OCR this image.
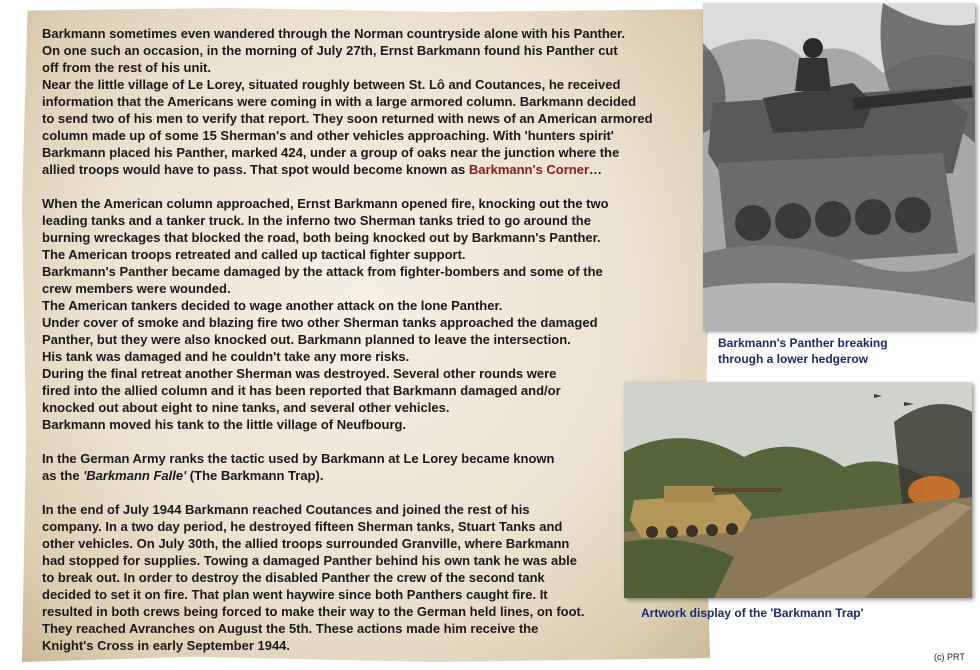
Barkmann sometimes even wandered through the Norman countryside alone with his Panther.

On one such an occasion, in the morning of July 27th, Ernst Barkmann found his Panther cut

off from the rest of his unit.

Near the little village of Le Lorey, situated roughly between St. Lô and Coutances, he received

information that the Americans were coming in with a large armored column. Barkmann decided

to send two of his men to verify that report. They soon returned with news of an American armored

column made up of some 15 Sherman's and other vehicles approaching. With 'hunters spirit'

Barkmann placed his Panther, marked 424, under a group of oaks near the junction where the

allied troops would have to pass. That spot would become known as Barkmann's Corner…

When the American column approached, Ernst Barkmann opened fire, knocking out the two

leading tanks and a tanker truck. In the inferno two Sherman tanks tried to go around the

burning wreckages that blocked the road, both being knocked out by Barkmann's Panther.

The American troops retreated and called up tactical fighter support.

Barkmann's Panther became damaged by the attack from fighter-bombers and some of the

crew members were wounded.

The American tankers decided to wage another attack on the lone Panther.

Under cover of smoke and blazing fire two other Sherman tanks approached the damaged

Panther, but they were also knocked out. Barkmann planned to leave the intersection.

His tank was damaged and he couldn't take any more risks.

During the final retreat another Sherman was destroyed. Several other rounds were

fired into the allied column and it has been reported that Barkmann damaged and/or

knocked out about eight to nine tanks, and several other vehicles.

Barkmann moved his tank to the little village of Neufbourg.

In the German Army ranks the tactic used by Barkmann at Le Lorey became known

as the 'Barkmann Falle' (The Barkmann Trap).

In the end of July 1944 Barkmann reached Coutances and joined the rest of his

company. In a two day period, he destroyed fifteen Sherman tanks, Stuart Tanks and

other vehicles. On July 30th, the allied troops surrounded Granville, where Barkmann

had stopped for supplies. Towing a damaged Panther behind his own tank he was able

to break out. In order to destroy the disabled Panther the crew of the second tank

decided to set it on fire. That plan went haywire since both Panthers caught fire. It

resulted in both crews being forced to make their way to the German held lines, on foot.

They reached Avranches on August the 5th. These actions made him receive the

Knight's Cross in early September 1944.

Barkmann's Panther breaking
through a lower hedgerow
Artwork display of the 'Barkmann Trap'
(c) PRT
